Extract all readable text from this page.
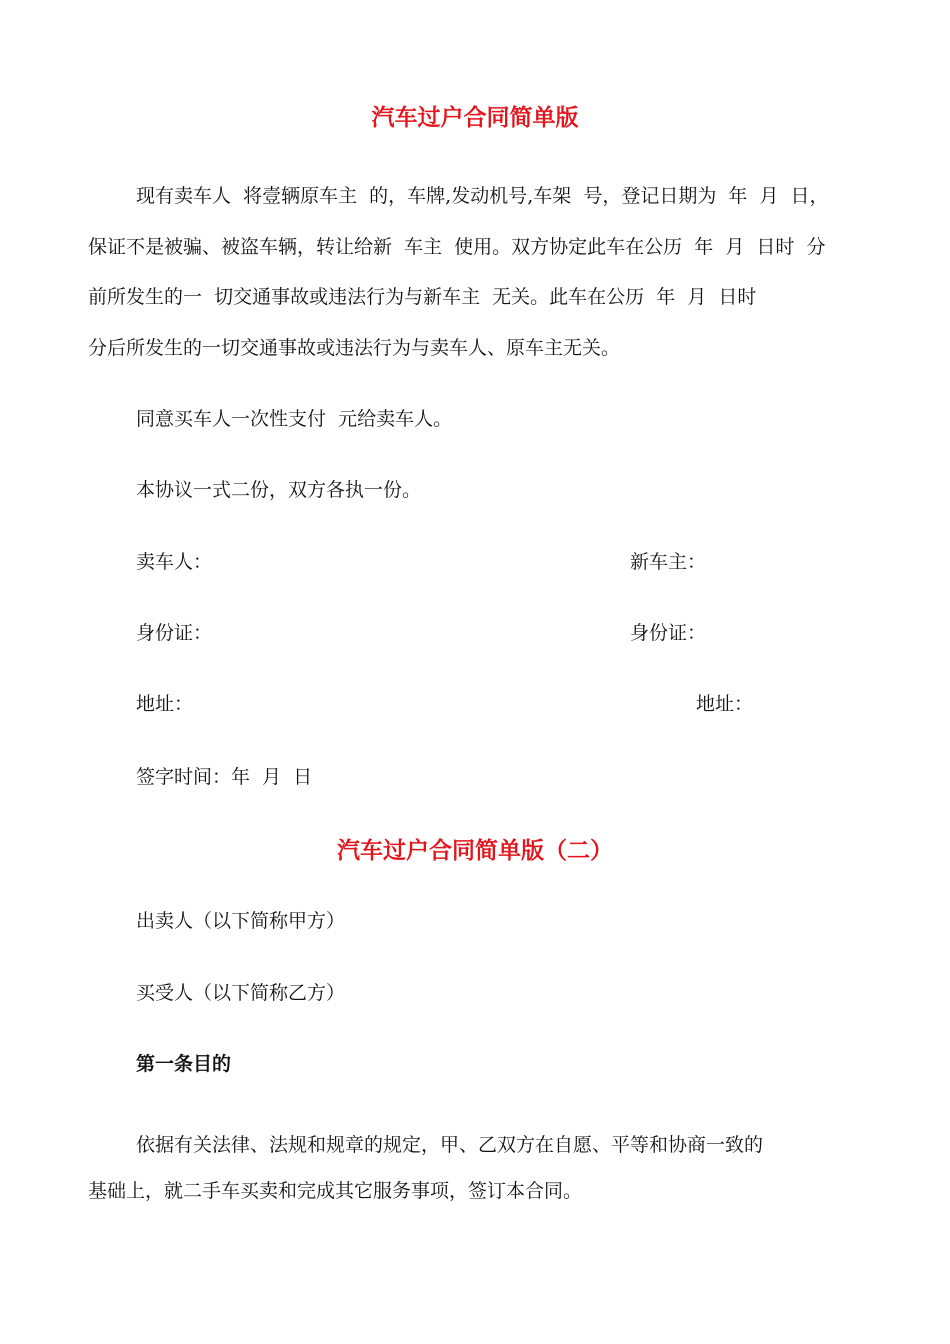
汽车过户合同简单版
现有卖车人  将壹辆原车主  的，车牌,发动机号,车架  号，登记日期为  年  月  日，
保证不是被骗、被盗车辆，转让给新  车主  使用。双方协定此车在公历  年  月  日时  分
前所发生的一  切交通事故或违法行为与新车主  无关。此车在公历  年  月  日时
分后所发生的一切交通事故或违法行为与卖车人、原车主无关。
同意买车人一次性支付  元给卖车人。
本协议一式二份，双方各执一份。
卖车人：	新车主：
身份证：	身份证：
地址：	地址：
签字时间：年  月  日
汽车过户合同简单版（二）
出卖人（以下简称甲方）
买受人（以下简称乙方）
第一条目的
依据有关法律、法规和规章的规定，甲、乙双方在自愿、平等和协商一致的
基础上，就二手车买卖和完成其它服务事项，签订本合同。
